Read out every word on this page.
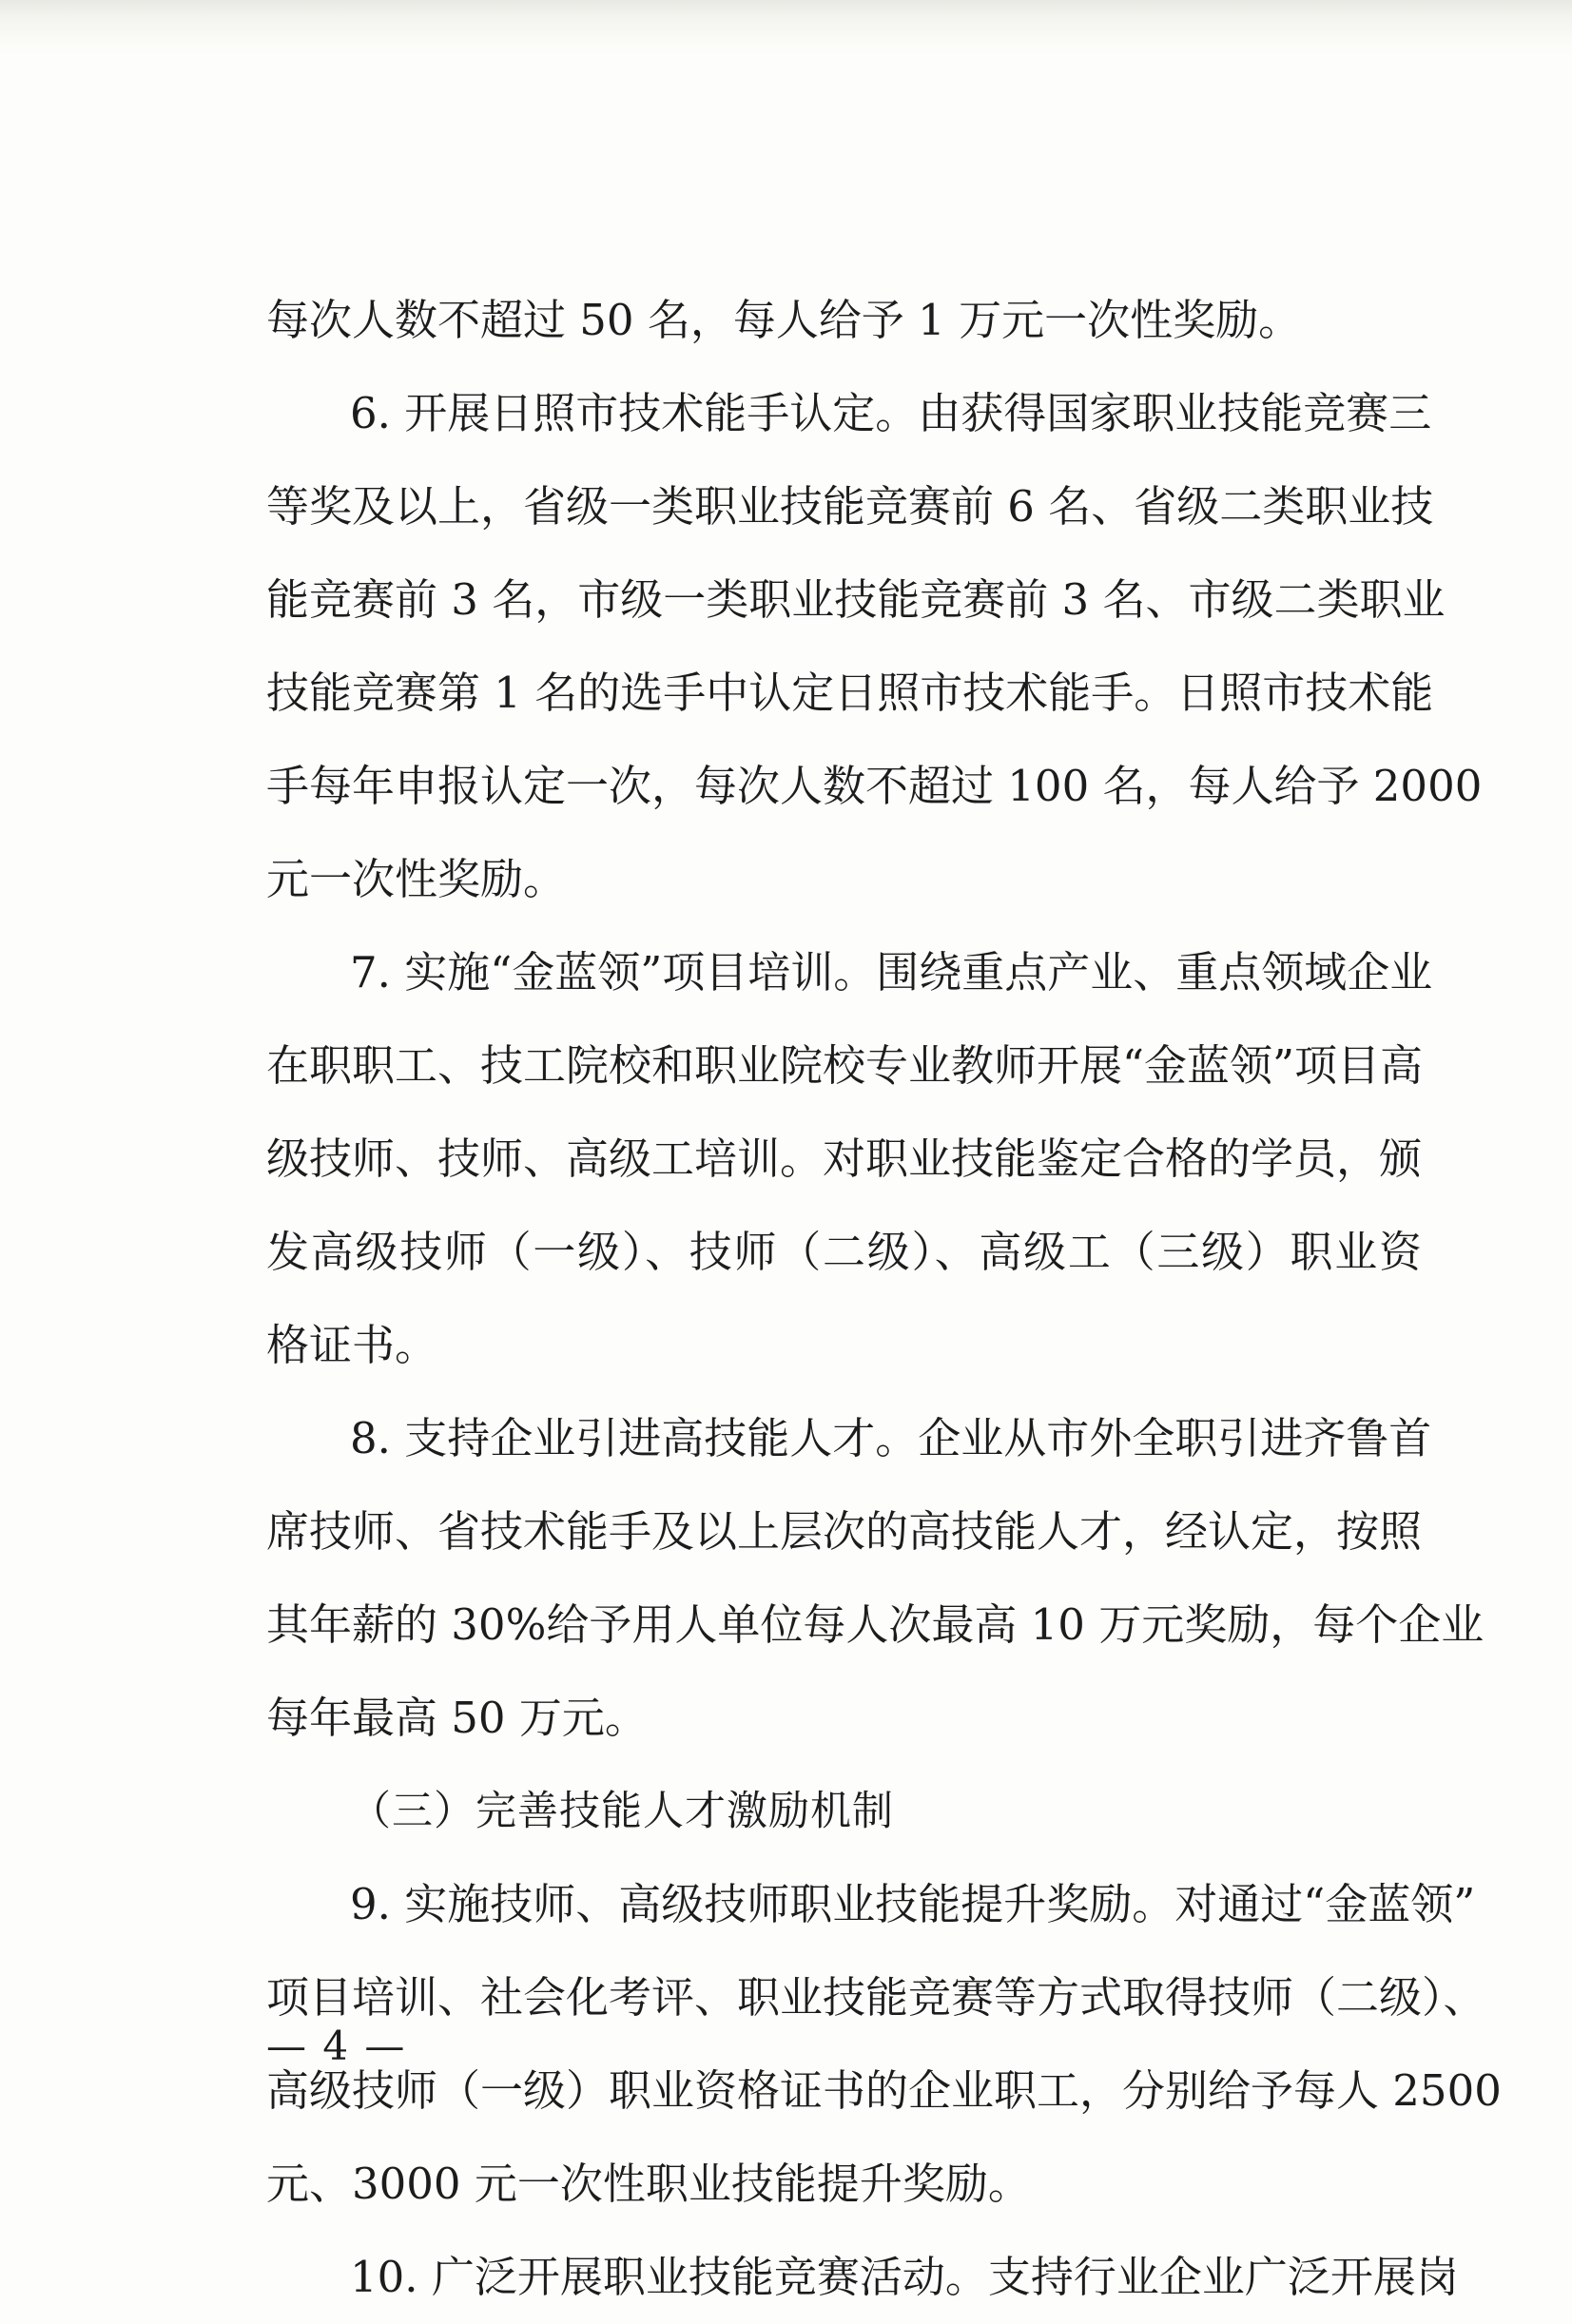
每次人数不超过 50 名，每人给予 1 万元一次性奖励。
6. 开展日照市技术能手认定。由获得国家职业技能竞赛三
等奖及以上，省级一类职业技能竞赛前 6 名、省级二类职业技
能竞赛前 3 名，市级一类职业技能竞赛前 3 名、市级二类职业
技能竞赛第 1 名的选手中认定日照市技术能手。日照市技术能
手每年申报认定一次，每次人数不超过 100 名，每人给予 2000
元一次性奖励。
7. 实施“金蓝领”项目培训。围绕重点产业、重点领域企业
在职职工、技工院校和职业院校专业教师开展“金蓝领”项目高
级技师、技师、高级工培训。对职业技能鉴定合格的学员，颁
发高级技师（一级）、技师（二级）、高级工（三级）职业资
格证书。
8. 支持企业引进高技能人才。企业从市外全职引进齐鲁首
席技师、省技术能手及以上层次的高技能人才，经认定，按照
其年薪的 30%给予用人单位每人次最高 10 万元奖励，每个企业
每年最高 50 万元。
（三）完善技能人才激励机制
9. 实施技师、高级技师职业技能提升奖励。对通过“金蓝领”
项目培训、社会化考评、职业技能竞赛等方式取得技师（二级）、
高级技师（一级）职业资格证书的企业职工，分别给予每人 2500
元、3000 元一次性职业技能提升奖励。
10. 广泛开展职业技能竞赛活动。支持行业企业广泛开展岗
— 4 —
